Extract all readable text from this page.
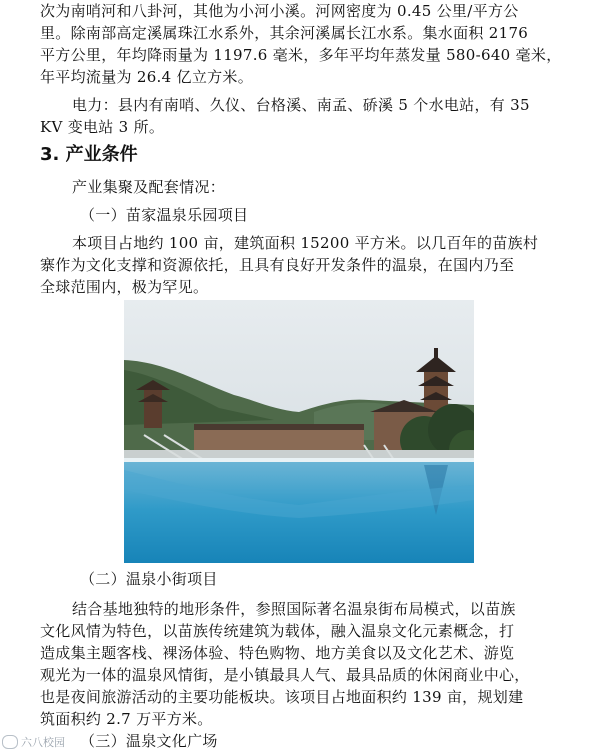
次为南哨河和八卦河，其他为小河小溪。河网密度为 0.45 公里/平方公
里。除南部高定溪属珠江水系外，其余河溪属长江水系。集水面积 2176
平方公里，年均降雨量为 1197.6 毫米，多年平均年蒸发量 580-640 毫米，
年平均流量为 26.4 亿立方米。
电力：县内有南哨、久仪、台格溪、南孟、硚溪 5 个水电站，有 35
KV 变电站 3 所。
3. 产业条件
产业集聚及配套情况：
（一）苗家温泉乐园项目
本项目占地约 100 亩，建筑面积 15200 平方米。以几百年的苗族村
寨作为文化支撑和资源依托，且具有良好开发条件的温泉，在国内乃至
全球范围内，极为罕见。
（二）温泉小街项目
结合基地独特的地形条件，参照国际著名温泉街布局模式，以苗族
文化风情为特色，以苗族传统建筑为载体，融入温泉文化元素概念，打
造成集主题客栈、裸汤体验、特色购物、地方美食以及文化艺术、游览
观光为一体的温泉风情街，是小镇最具人气、最具品质的休闲商业中心，
也是夜间旅游活动的主要功能板块。该项目占地面积约 139 亩，规划建
筑面积约 2.7 万平方米。
（三）温泉文化广场
六八校园
